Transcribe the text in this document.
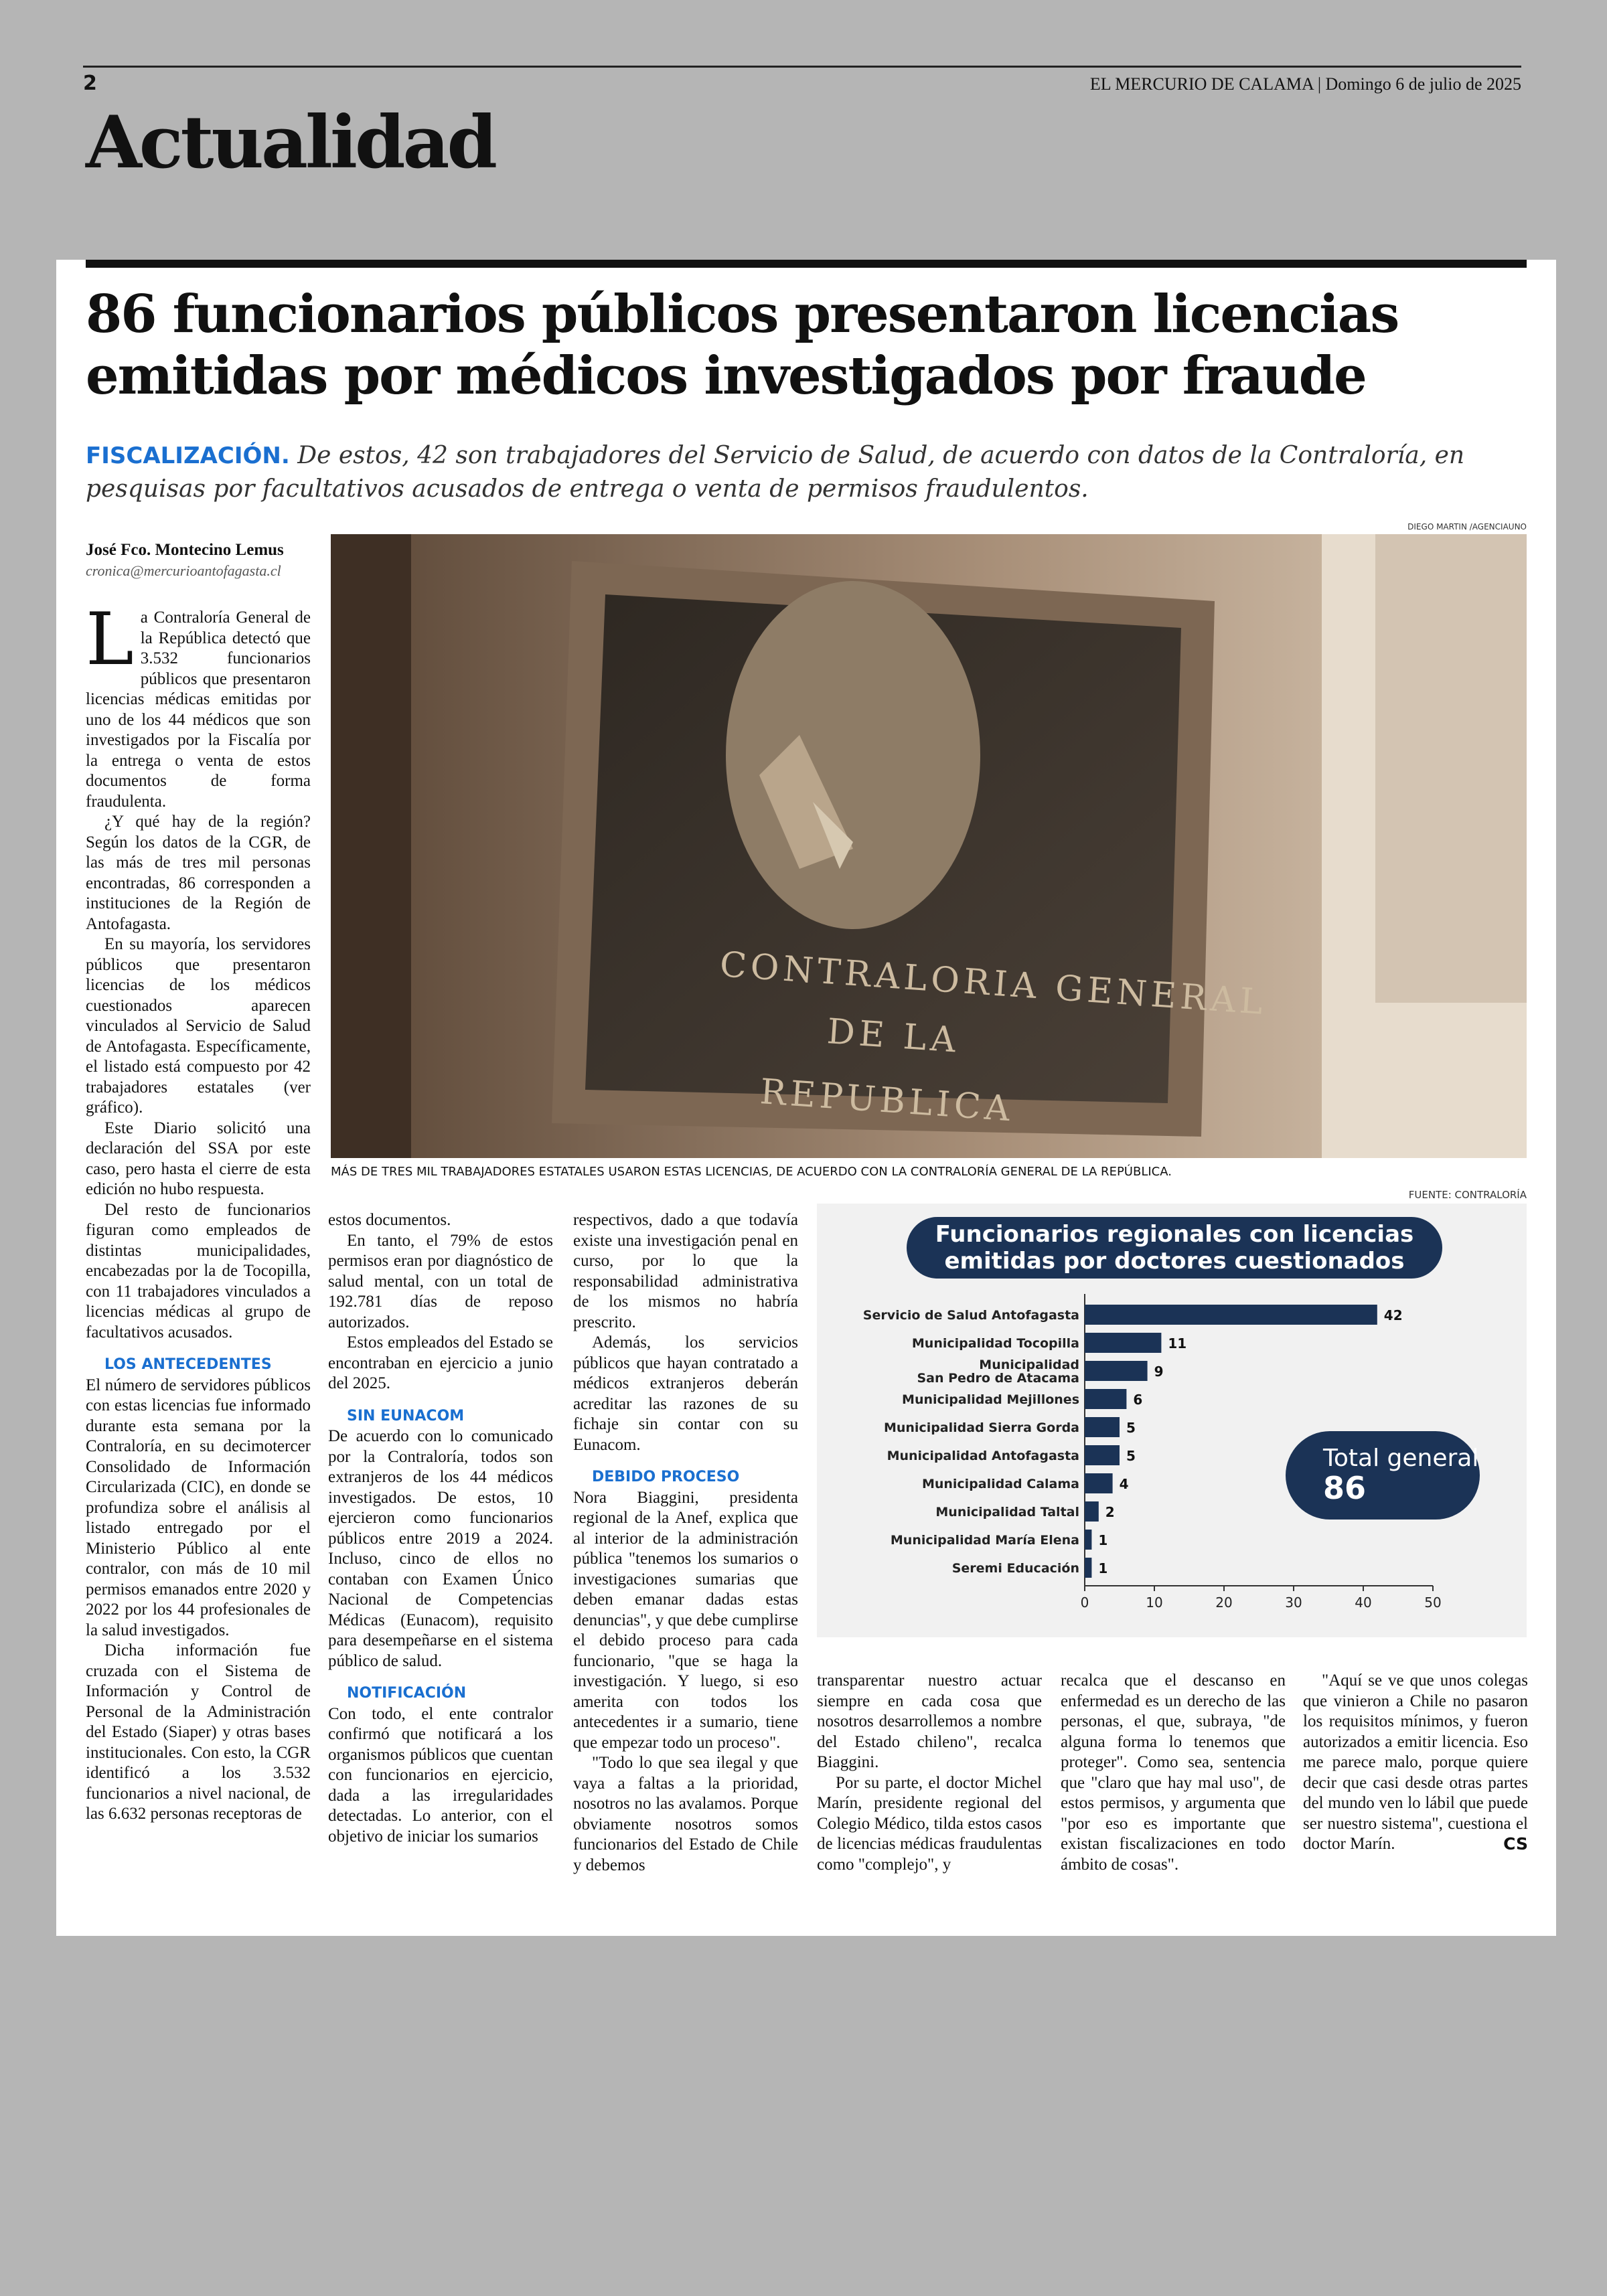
2	EL MERCURIO DE CALAMA | Domingo 6 de julio de 2025
Actualidad
86 funcionarios públicos presentaron licencias emitidas por médicos investigados por fraude
FISCALIZACIÓN. De estos, 42 son trabajadores del Servicio de Salud, de acuerdo con datos de la Contraloría, en pesquisas por facultativos acusados de entrega o venta de permisos fraudulentos.
José Fco. Montecino Lemus
cronica@mercurioantofagasta.cl
DIEGO MARTIN /AGENCIAUNO
CONTRALORIA GENERAL
DE LA
REPUBLICA
MÁS DE TRES MIL TRABAJADORES ESTATALES USARON ESTAS LICENCIAS, DE ACUERDO CON LA CONTRALORÍA GENERAL DE LA REPÚBLICA.

La Contraloría General de la República detectó que 3.532 funcionarios públicos que presentaron licencias médicas emitidas por uno de los 44 médicos que son investigados por la Fiscalía por la entrega o venta de estos documentos de forma fraudulenta.

¿Y qué hay de la región? Según los datos de la CGR, de las más de tres mil personas encontradas, 86 corresponden a instituciones de la Región de Antofagasta.

En su mayoría, los servidores públicos que presentaron licencias de los médicos cuestionados aparecen vinculados al Servicio de Salud de Antofagasta. Específicamente, el listado está compuesto por 42 trabajadores estatales (ver gráfico).

Este Diario solicitó una declaración del SSA por este caso, pero hasta el cierre de esta edición no hubo respuesta.

Del resto de funcionarios figuran como empleados de distintas municipalidades, encabezadas por la de Tocopilla, con 11 trabajadores vinculados a licencias médicas al grupo de facultativos acusados.

LOS ANTECEDENTES

El número de servidores públicos con estas licencias fue informado durante esta semana por la Contraloría, en su decimotercer Consolidado de Información Circularizada (CIC), en donde se profundiza sobre el análisis al listado entregado por el Ministerio Público al ente contralor, con más de 10 mil permisos emanados entre 2020 y 2022 por los 44 profesionales de la salud investigados.

Dicha información fue cruzada con el Sistema de Información y Control de Personal de la Administración del Estado (Siaper) y otras bases institucionales. Con esto, la CGR identificó a los 3.532 funcionarios a nivel nacional, de las 6.632 personas receptoras de

estos documentos.

En tanto, el 79% de estos permisos eran por diagnóstico de salud mental, con un total de 192.781 días de reposo autorizados.

Estos empleados del Estado se encontraban en ejercicio a junio del 2025.

SIN EUNACOM

De acuerdo con lo comunicado por la Contraloría, todos son extranjeros de los 44 médicos investigados. De estos, 10 ejercieron como funcionarios públicos entre 2019 a 2024. Incluso, cinco de ellos no contaban con Examen Único Nacional de Competencias Médicas (Eunacom), requisito para desempeñarse en el sistema público de salud.

NOTIFICACIÓN

Con todo, el ente contralor confirmó que notificará a los organismos públicos que cuentan con funcionarios en ejercicio, dada a las irregularidades detectadas. Lo anterior, con el objetivo de iniciar los sumarios

respectivos, dado a que todavía existe una investigación penal en curso, por lo que la responsabilidad administrativa de los mismos no habría prescrito.

Además, los servicios públicos que hayan contratado a médicos extranjeros deberán acreditar las razones de su fichaje sin contar con su Eunacom.

DEBIDO PROCESO

Nora Biaggini, presidenta regional de la Anef, explica que al interior de la administración pública "tenemos los sumarios o investigaciones sumarias que deben emanar dadas estas denuncias", y que debe cumplirse el debido proceso para cada funcionario, "que se haga la investigación. Y luego, si eso amerita con todos los antecedentes ir a sumario, tiene que empezar todo un proceso".

"Todo lo que sea ilegal y que vaya a faltas a la prioridad, nosotros no las avalamos. Porque obviamente nosotros somos funcionarios del Estado de Chile y debemos

FUENTE: CONTRALORÍA
42
Servicio de Salud Antofagasta
11
Municipalidad Tocopilla
9
Municipalidad San Pedro de Atacama
6
Municipalidad Mejillones
5
Municipalidad Sierra Gorda
5
Municipalidad Antofagasta
4
Municipalidad Calama
2
Municipalidad Taltal
1
Municipalidad María Elena
1
Seremi Educación
0	10	20	30	40	50
Funcionarios regionales con licencias emitidas por doctores cuestionados
Total general
86

transparentar nuestro actuar siempre en cada cosa que nosotros desarrollemos a nombre del Estado chileno", recalca Biaggini.

Por su parte, el doctor Michel Marín, presidente regional del Colegio Médico, tilda estos casos de licencias médicas fraudulentas como "complejo", y

recalca que el descanso en enfermedad es un derecho de las personas, el que, subraya, "de alguna forma lo tenemos que proteger". Como sea, sentencia que "claro que hay mal uso", de estos permisos, y argumenta que "por eso es importante que existan fiscalizaciones en todo ámbito de cosas".

"Aquí se ve que unos colegas que vinieron a Chile no pasaron los requisitos mínimos, y fueron autorizados a emitir licencia. Eso me parece malo, porque quiere decir que casi desde otras partes del mundo ven lo lábil que puede ser nuestro sistema", cuestiona el doctor Marín.	CS
